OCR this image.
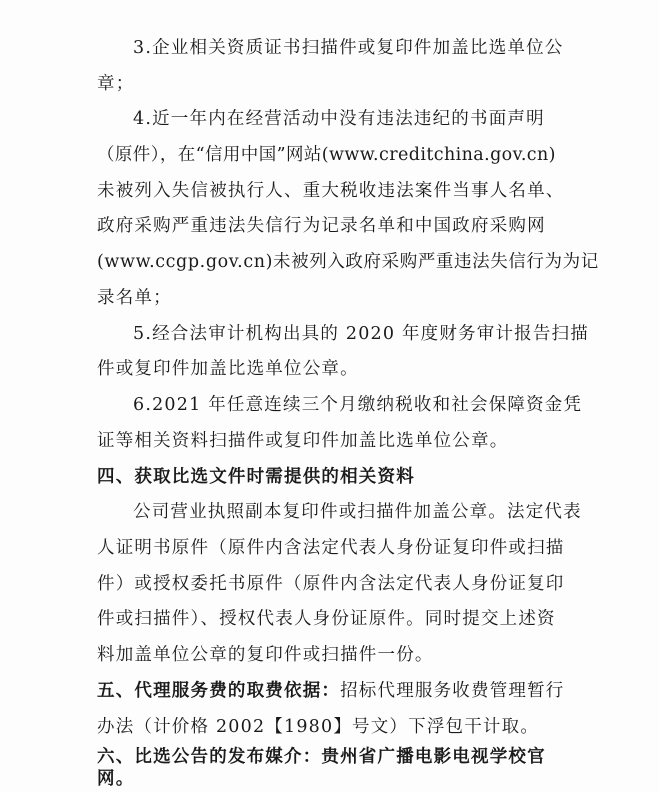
3.企业相关资质证书扫描件或复印件加盖比选单位公
章；
4.近一年内在经营活动中没有违法违纪的书面声明
（原件），在“信用中国”网站(www.creditchina.gov.cn)
未被列入失信被执行人、重大税收违法案件当事人名单、
政府采购严重违法失信行为记录名单和中国政府采购网
(www.ccgp.gov.cn)未被列入政府采购严重违法失信行为为记
录名单；
5.经合法审计机构出具的 2020 年度财务审计报告扫描
件或复印件加盖比选单位公章。
6.2021 年任意连续三个月缴纳税收和社会保障资金凭
证等相关资料扫描件或复印件加盖比选单位公章。
四、获取比选文件时需提供的相关资料
公司营业执照副本复印件或扫描件加盖公章。法定代表
人证明书原件（原件内含法定代表人身份证复印件或扫描
件）或授权委托书原件（原件内含法定代表人身份证复印
件或扫描件）、授权代表人身份证原件。同时提交上述资
料加盖单位公章的复印件或扫描件一份。
五、代理服务费的取费依据：招标代理服务收费管理暂行
办法（计价格 2002【1980】号文）下浮包干计取。
六、比选公告的发布媒介：贵州省广播电影电视学校官
网。
